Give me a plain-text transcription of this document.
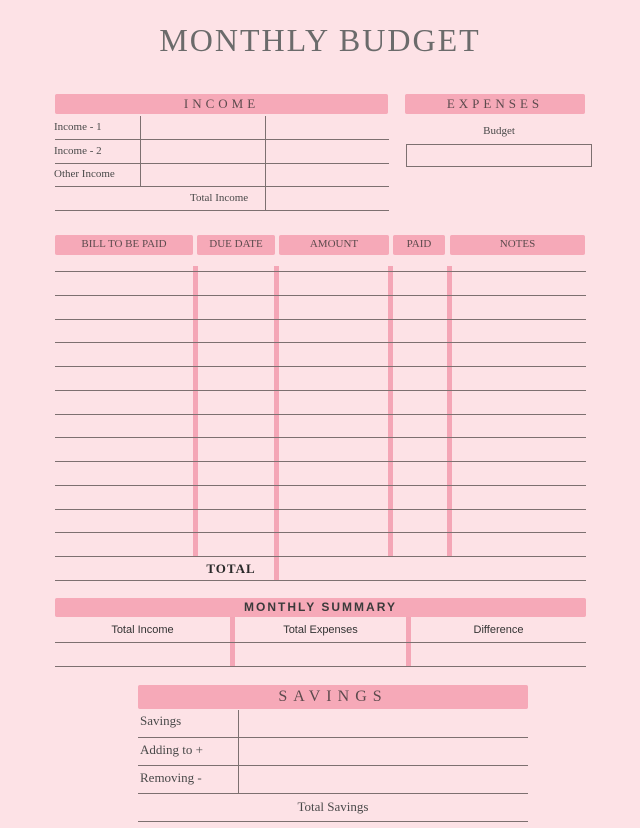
MONTHLY BUDGET
INCOME
Income - 1
Income - 2
Other Income
Total Income
EXPENSES
Budget
BILL TO BE PAID	DUE DATE	AMOUNT	PAID	NOTES
TOTAL
MONTHLY SUMMARY
Total Income	Total Expenses	Difference
SAVINGS
Savings
Adding to +
Removing -
Total Savings
